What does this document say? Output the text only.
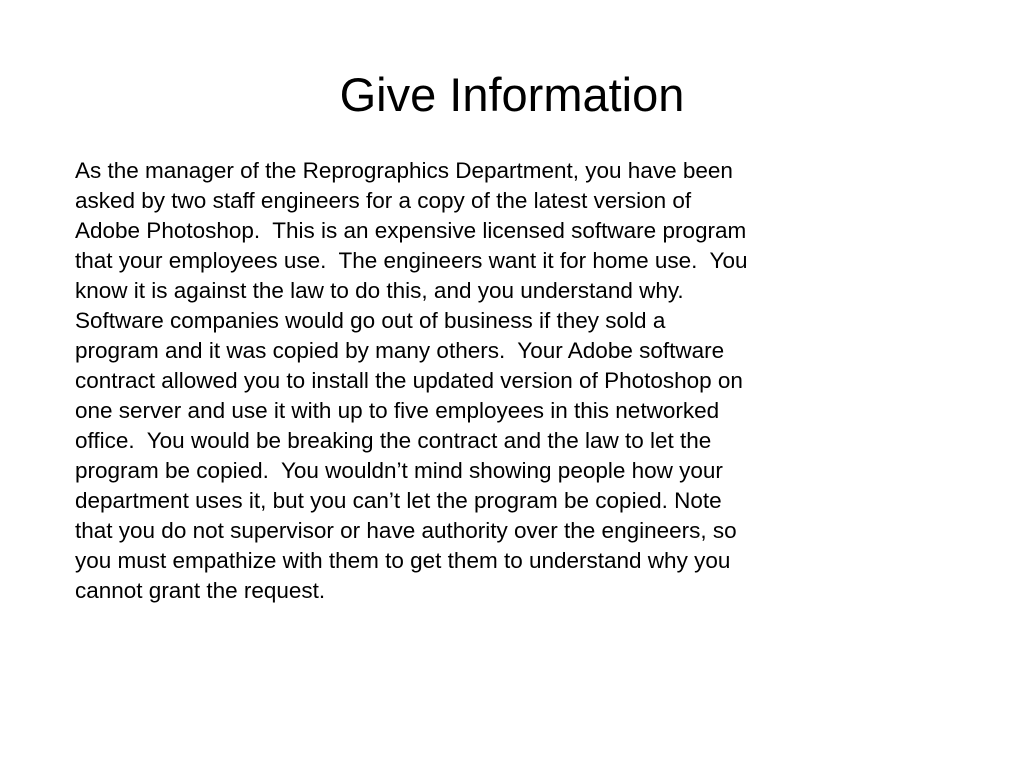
Give Information
As the manager of the Reprographics Department, you have been
asked by two staff engineers for a copy of the latest version of
Adobe Photoshop.  This is an expensive licensed software program
that your employees use.  The engineers want it for home use.  You
know it is against the law to do this, and you understand why.
Software companies would go out of business if they sold a
program and it was copied by many others.  Your Adobe software
contract allowed you to install the updated version of Photoshop on
one server and use it with up to five employees in this networked
office.  You would be breaking the contract and the law to let the
program be copied.  You wouldn’t mind showing people how your
department uses it, but you can’t let the program be copied. Note
that you do not supervisor or have authority over the engineers, so
you must empathize with them to get them to understand why you
cannot grant the request.
